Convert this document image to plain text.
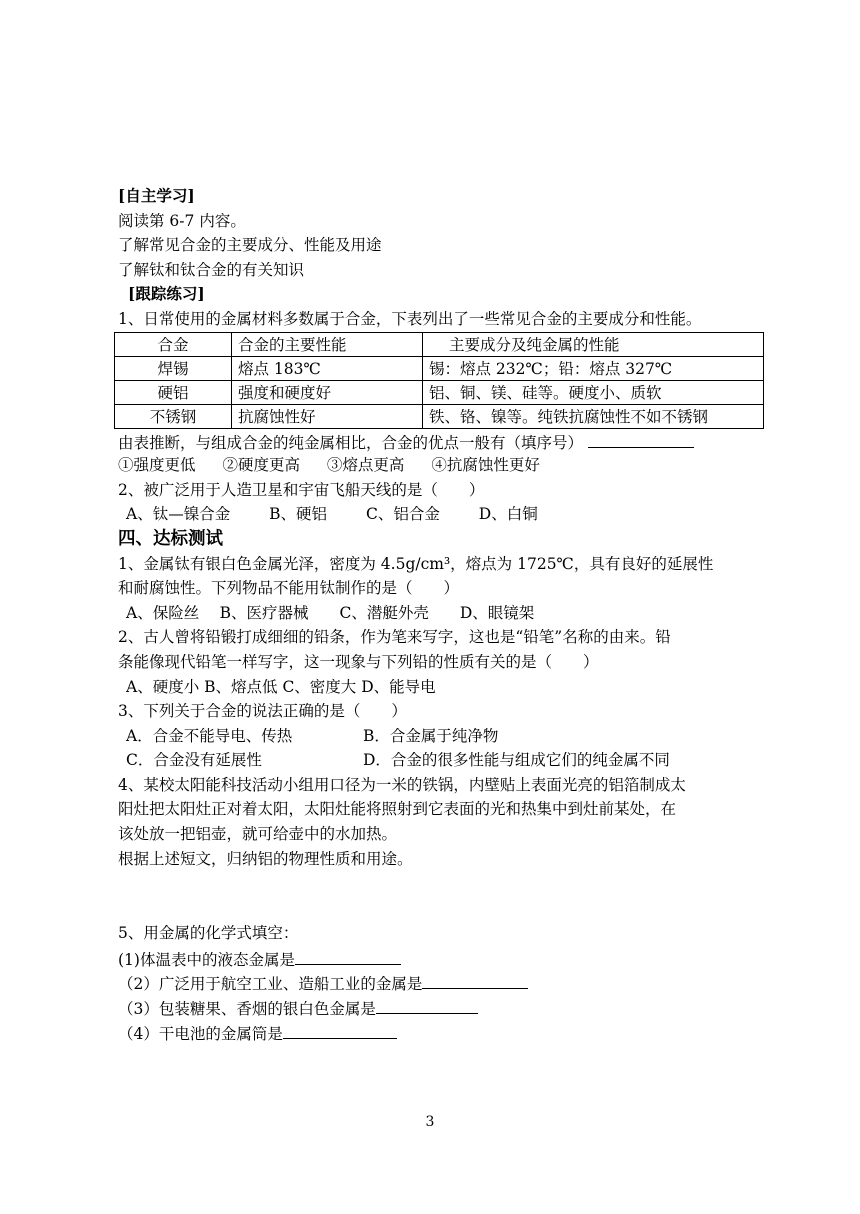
[自主学习]
阅读第 6-7 内容。
了解常见合金的主要成分、性能及用途
了解钛和钛合金的有关知识
[跟踪练习]
1、日常使用的金属材料多数属于合金，下表列出了一些常见合金的主要成分和性能。
合金	合金的主要性能	主要成分及纯金属的性能
焊锡	熔点 183℃	锡：熔点 232℃；铅：熔点 327℃
硬铝	强度和硬度好	铝、铜、镁、硅等。硬度小、质软
不锈钢	抗腐蚀性好	铁、铬、镍等。纯铁抗腐蚀性不如不锈钢
由表推断，与组成合金的纯金属相比，合金的优点一般有（填序号）
①强度更低 ②硬度更高 ③熔点更高 ④抗腐蚀性更好
2、被广泛用于人造卫星和宇宙飞船天线的是（　　）
A、钛—镍合金	B、硬铝	C、铝合金	D、白铜
四、达标测试
1、金属钛有银白色金属光泽，密度为 4.5g/cm³，熔点为 1725℃，具有良好的延展性
和耐腐蚀性。下列物品不能用钛制作的是（　　）
A、保险丝　 B、医疗器械　　C、潜艇外壳　　D、眼镜架
2、古人曾将铅锻打成细细的铅条，作为笔来写字，这也是“铅笔”名称的由来。铅
条能像现代铅笔一样写字，这一现象与下列铅的性质有关的是（　　）
A、硬度小 B、熔点低 C、密度大 D、能导电
3、下列关于合金的说法正确的是（　　）
A．合金不能导电、传热	B．合金属于纯净物
C．合金没有延展性	D．合金的很多性能与组成它们的纯金属不同
4、某校太阳能科技活动小组用口径为一米的铁锅，内壁贴上表面光亮的铝箔制成太
阳灶把太阳灶正对着太阳，太阳灶能将照射到它表面的光和热集中到灶前某处，在
该处放一把铝壶，就可给壶中的水加热。
根据上述短文，归纳铝的物理性质和用途。
5、用金属的化学式填空：
(1)体温表中的液态金属是
（2）广泛用于航空工业、造船工业的金属是
（3）包装糖果、香烟的银白色金属是
（4）干电池的金属筒是
3
